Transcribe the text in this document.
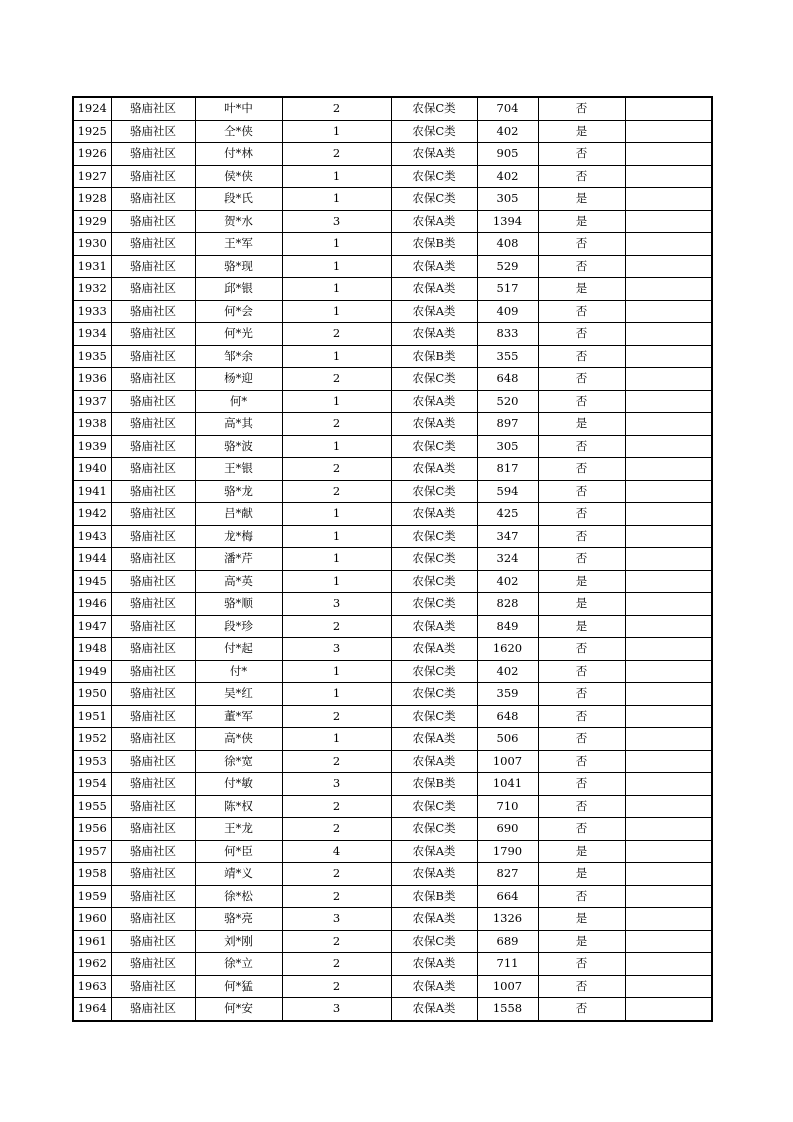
1924	骆庙社区	叶*中	2	农保C类	704	否	
1925	骆庙社区	仝*侠	1	农保C类	402	是	
1926	骆庙社区	付*林	2	农保A类	905	否	
1927	骆庙社区	侯*侠	1	农保C类	402	否	
1928	骆庙社区	段*氏	1	农保C类	305	是	
1929	骆庙社区	贺*水	3	农保A类	1394	是	
1930	骆庙社区	王*军	1	农保B类	408	否	
1931	骆庙社区	骆*现	1	农保A类	529	否	
1932	骆庙社区	邱*银	1	农保A类	517	是	
1933	骆庙社区	何*会	1	农保A类	409	否	
1934	骆庙社区	何*光	2	农保A类	833	否	
1935	骆庙社区	邹*余	1	农保B类	355	否	
1936	骆庙社区	杨*迎	2	农保C类	648	否	
1937	骆庙社区	何*	1	农保A类	520	否	
1938	骆庙社区	高*其	2	农保A类	897	是	
1939	骆庙社区	骆*波	1	农保C类	305	否	
1940	骆庙社区	王*银	2	农保A类	817	否	
1941	骆庙社区	骆*龙	2	农保C类	594	否	
1942	骆庙社区	吕*献	1	农保A类	425	否	
1943	骆庙社区	龙*梅	1	农保C类	347	否	
1944	骆庙社区	潘*芹	1	农保C类	324	否	
1945	骆庙社区	高*英	1	农保C类	402	是	
1946	骆庙社区	骆*顺	3	农保C类	828	是	
1947	骆庙社区	段*珍	2	农保A类	849	是	
1948	骆庙社区	付*起	3	农保A类	1620	否	
1949	骆庙社区	付*	1	农保C类	402	否	
1950	骆庙社区	吴*红	1	农保C类	359	否	
1951	骆庙社区	董*军	2	农保C类	648	否	
1952	骆庙社区	高*侠	1	农保A类	506	否	
1953	骆庙社区	徐*宽	2	农保A类	1007	否	
1954	骆庙社区	付*敏	3	农保B类	1041	否	
1955	骆庙社区	陈*权	2	农保C类	710	否	
1956	骆庙社区	王*龙	2	农保C类	690	否	
1957	骆庙社区	何*臣	4	农保A类	1790	是	
1958	骆庙社区	靖*义	2	农保A类	827	是	
1959	骆庙社区	徐*松	2	农保B类	664	否	
1960	骆庙社区	骆*亮	3	农保A类	1326	是	
1961	骆庙社区	刘*刚	2	农保C类	689	是	
1962	骆庙社区	徐*立	2	农保A类	711	否	
1963	骆庙社区	何*猛	2	农保A类	1007	否	
1964	骆庙社区	何*安	3	农保A类	1558	否	
